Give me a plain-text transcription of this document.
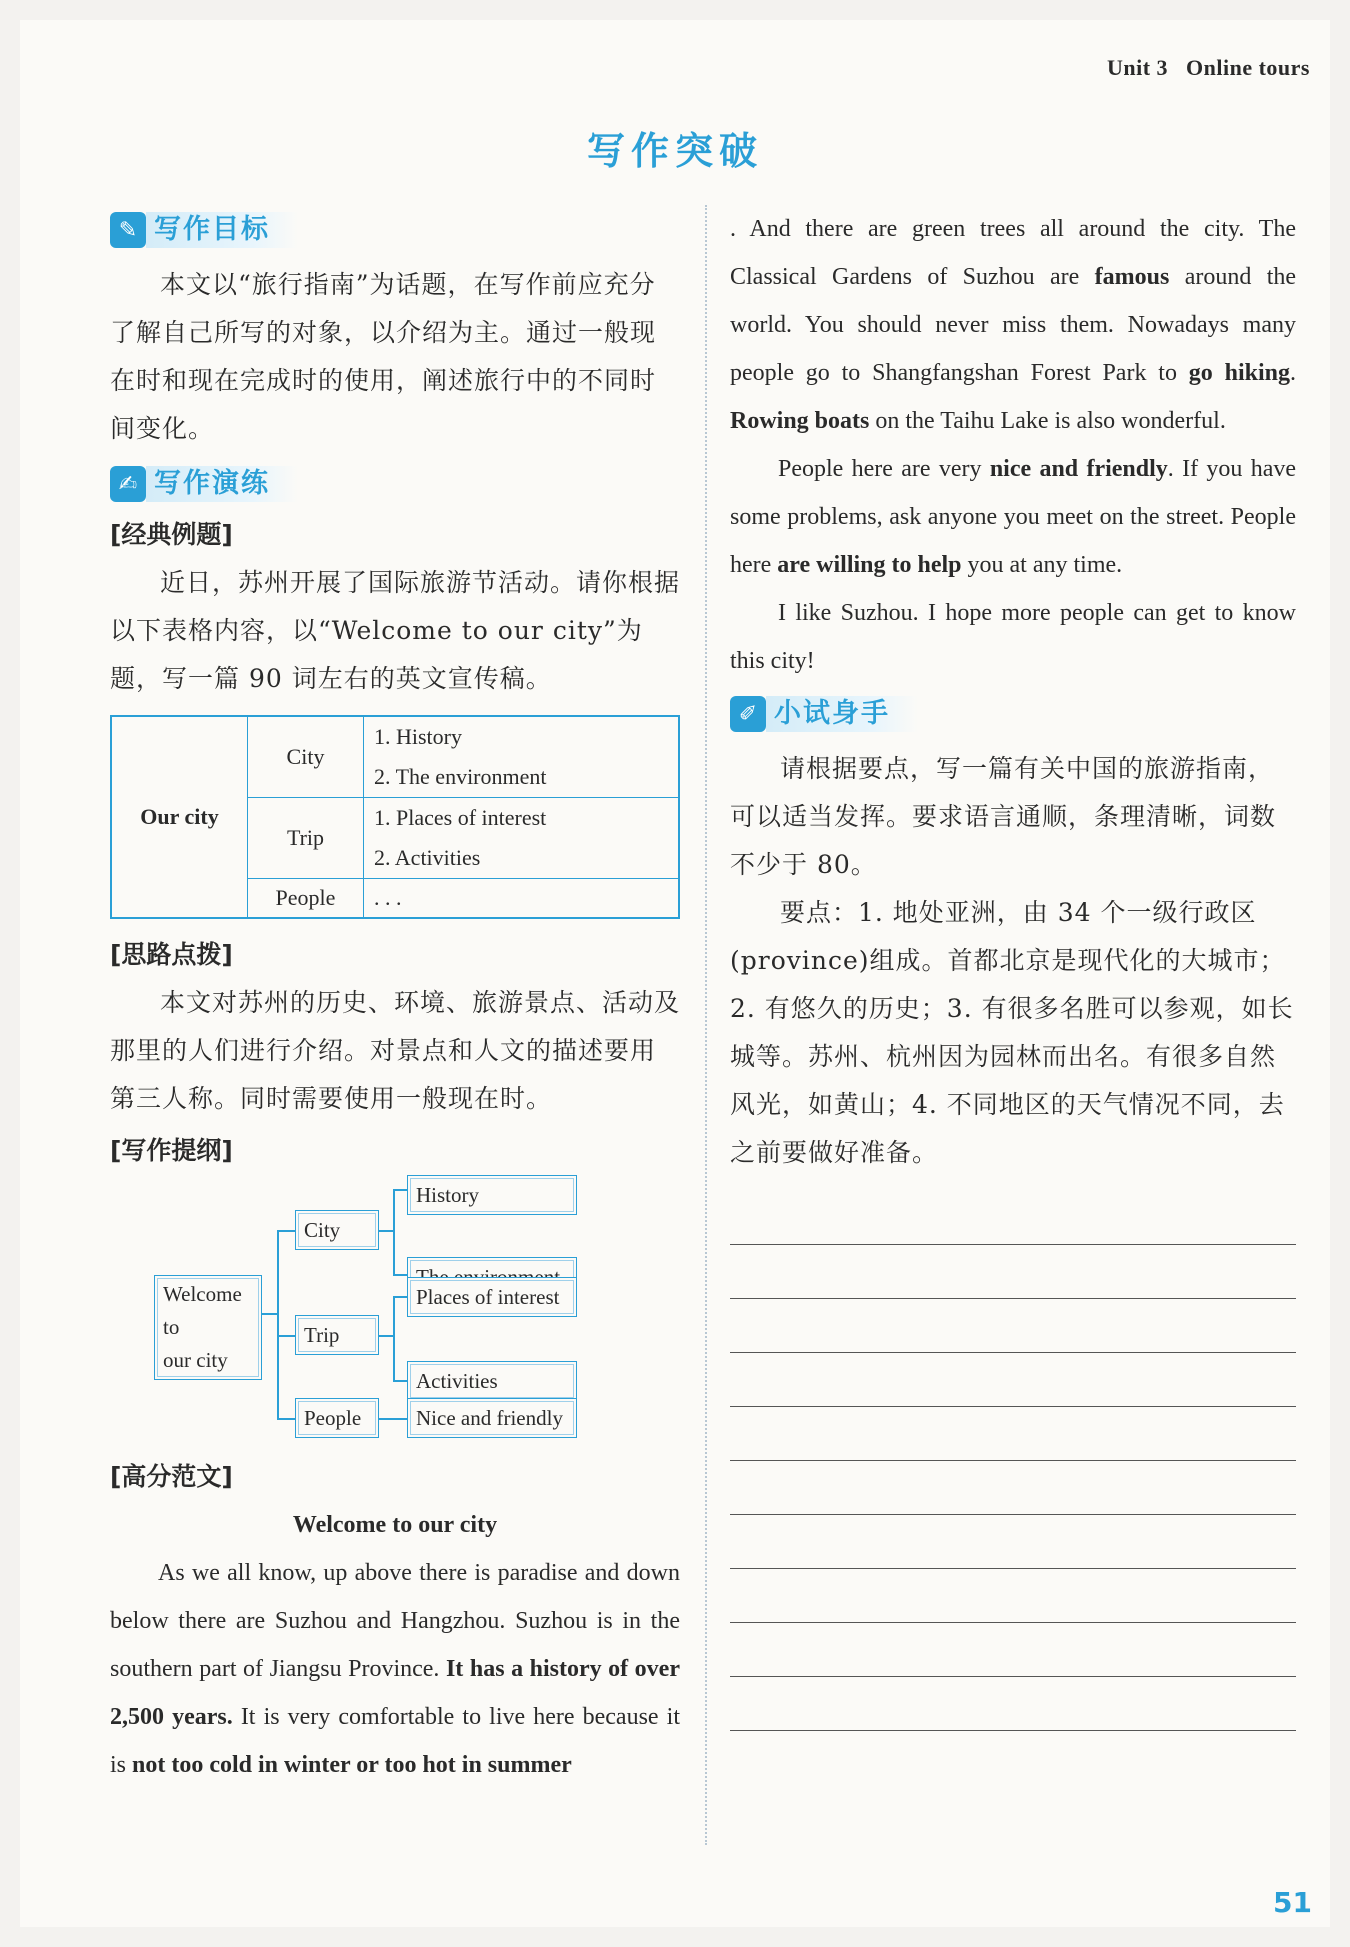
Unit 3 Online tours
写作突破
✎ 写作目标

本文以“旅行指南”为话题，在写作前应充分了解自己所写的对象，以介绍为主。通过一般现在时和现在完成时的使用，阐述旅行中的不同时间变化。

✍ 写作演练
[经典例题]

近日，苏州开展了国际旅游节活动。请你根据以下表格内容，以“Welcome to our city”为题，写一篇 90 词左右的英文宣传稿。

Our city	City	1. History
2. The environment

	Trip	1. Places of interest
2. Activities

	People	. . .
[思路点拨]

本文对苏州的历史、环境、旅游景点、活动及那里的人们进行介绍。对景点和人文的描述要用第三人称。同时需要使用一般现在时。

[写作提纲]
Welcome to
our city
City
Trip
People
History
Places of interest
Activities
Nice and friendly
[高分范文]
Welcome to our city

As we all know, up above there is paradise and down below there are Suzhou and Hangzhou. Suzhou is in the southern part of Jiangsu Province. It has a history of over 2,500 years. It is very comfortable to live here because it is not too cold in winter or too hot in summer

. And there are green trees all around the city. The Classical Gardens of Suzhou are famous around the world. You should never miss them. Nowadays many people go to Shangfangshan Forest Park to go hiking. Rowing boats on the Taihu Lake is also wonderful.

People here are very nice and friendly. If you have some problems, ask anyone you meet on the street. People here are willing to help you at any time.

I like Suzhou. I hope more people can get to know this city!

✐ 小试身手

请根据要点，写一篇有关中国的旅游指南，可以适当发挥。要求语言通顺，条理清晰，词数不少于 80。

要点：1. 地处亚洲，由 34 个一级行政区(province)组成。首都北京是现代化的大城市；2. 有悠久的历史；3. 有很多名胜可以参观，如长城等。苏州、杭州因为园林而出名。有很多自然风光，如黄山；4. 不同地区的天气情况不同，去之前要做好准备。

51
